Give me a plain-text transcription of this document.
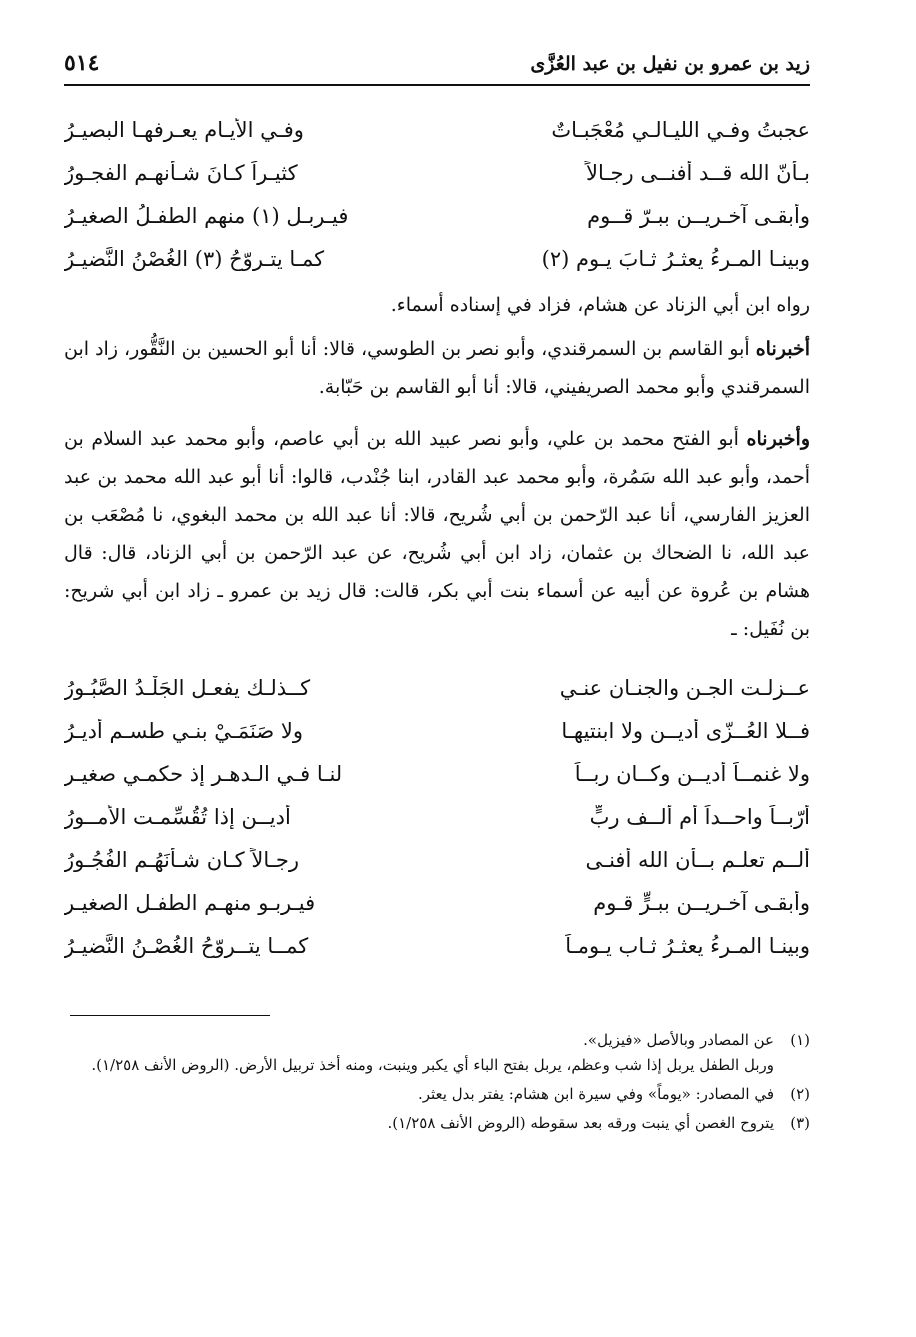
زيد بن عمرو بن نفيل بن عبد العُزَّى
٥١٤
عجبتُ وفـي الليـالـي مُعْجَبـاتٌ
وفـي الأيـام يعـرفهـا البصيـرُ
بـأنّ الله قــد أفنــى رجـالاً
كثيـراً كـانَ شـأنهـم الفجـورُ
وأبقـى آخـريــن ببـرّ قــوم
فيـربـل (١) منهم الطفـلُ الصغيـرُ
وبينـا المـرءُ يعثـرُ ثـابَ يـوم (٢)
كمـا يتـروّحُ (٣) الغُصْنُ النَّضيـرُ

رواه ابن أبي الزناد عن هشام، فزاد في إسناده أسماء.

أخبرناه أبو القاسم بن السمرقندي، وأبو نصر بن الطوسي، قالا: أنا أبو الحسين بن النَّقُّور، زاد ابن السمرقندي وأبو محمد الصريفيني، قالا: أنا أبو القاسم بن حَبّابة.

وأخبرناه أبو الفتح محمد بن علي، وأبو نصر عبيد الله بن أبي عاصم، وأبو محمد عبد السلام بن أحمد، وأبو عبد الله سَمُرة، وأبو محمد عبد القادر، ابنا جُنْدب، قالوا: أنا أبو عبد الله محمد بن عبد العزيز الفارسي، أنا عبد الرّحمن بن أبي شُريح، قالا: أنا عبد الله بن محمد البغوي، نا مُصْعَب بن عبد الله، نا الضحاك بن عثمان، زاد ابن أبي شُريح، عن عبد الرّحمن بن أبي الزناد، قال: قال هشام بن عُروة عن أبيه عن أسماء بنت أبي بكر، قالت: قال زيد بن عمرو ـ زاد ابن أبي شريح: بن نُفَيل: ـ

عــزلـت الجـن والجنـان عنـي
كــذلـك يفعـل الجَلْـدُ الصَّبُـورُ
فــلا العُــزّى أديــن ولا ابنتيهـا
ولا صَنَمَـيْ بنـي طسـم أديـرُ
ولا غنمــاً أديــن وكــان ربــاً
لنـا فـي الـدهـر إذ حكمـي صغيـر
أرّبــاً واحــداً أم ألــف ربٍّ
أديــن إذا تُقُسِّمـت الأمــورُ
ألــم تعلـم بــأن الله أفنـى
رجـالاً كـان شـأنَهُـم الفُجُـورُ
وأبقـى آخـريــن ببـرٍّ قـوم
فيـربـو منهـم الطفـل الصغيـر
وبينـا المـرءُ يعثـرُ ثـاب يـومـاً
كمــا يتــروّحُ الغُصْـنُ النَّضيـرُ
(١)
عن المصادر وبالأصل «فيزيل».
وربل الطفل يربل إذا شب وعظم، يربل بفتح الباء أي يكبر وينبت، ومنه أخذ تربيل الأرض. (الروض الأنف ١/٢٥٨).
(٢)
في المصادر: «يوماً» وفي سيرة ابن هشام: يفتر بدل يعثر.
(٣)
يتروح الغصن أي ينبت ورقه بعد سقوطه (الروض الأنف ١/٢٥٨).
